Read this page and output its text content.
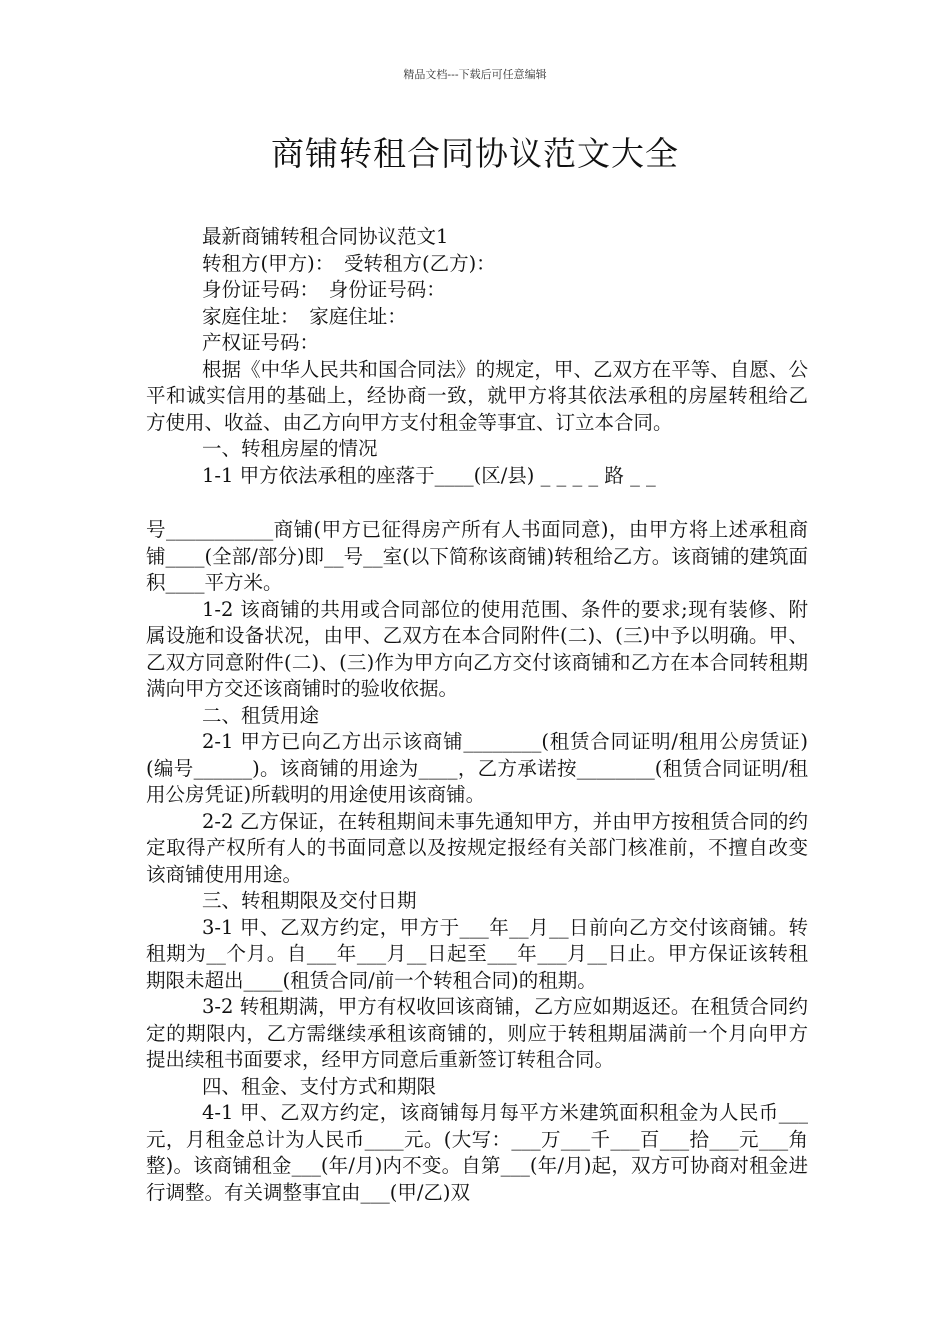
精品文档---下载后可任意编辑
商铺转租合同协议范文大全

最新商铺转租合同协议范文1

转租方(甲方)：　受转租方(乙方)：

身份证号码：　身份证号码：

家庭住址：　家庭住址：

产权证号码：

根据《中华人民共和国合同法》的规定，甲、乙双方在平等、自愿、公平和诚实信用的基础上，经协商一致，就甲方将其依法承租的房屋转租给乙方使用、收益、由乙方向甲方支付租金等事宜、订立本合同。

一、转租房屋的情况

1-1 甲方依法承租的座落于____(区/县) _ _ _ _ 路 _ _

号___________商铺(甲方已征得房产所有人书面同意)，由甲方将上述承租商铺____(全部/部分)即__号__室(以下简称该商铺)转租给乙方。该商铺的建筑面积____平方米。

1-2 该商铺的共用或合同部位的使用范围、条件的要求;现有装修、附属设施和设备状况，由甲、乙双方在本合同附件(二)、(三)中予以明确。甲、乙双方同意附件(二)、(三)作为甲方向乙方交付该商铺和乙方在本合同转租期满向甲方交还该商铺时的验收依据。

二、租赁用途

2-1 甲方已向乙方出示该商铺________(租赁合同证明/租用公房赁证)(编号______)。该商铺的用途为____，乙方承诺按________(租赁合同证明/租用公房凭证)所载明的用途使用该商铺。

2-2 乙方保证，在转租期间未事先通知甲方，并由甲方按租赁合同的约定取得产权所有人的书面同意以及按规定报经有关部门核准前，不擅自改变该商铺使用用途。

三、转租期限及交付日期

3-1 甲、乙双方约定，甲方于___年__月__日前向乙方交付该商铺。转租期为__个月。自___年___月__日起至___年___月__日止。甲方保证该转租期限未超出____(租赁合同/前一个转租合同)的租期。

3-2 转租期满，甲方有权收回该商铺，乙方应如期返还。在租赁合同约定的期限内，乙方需继续承租该商铺的，则应于转租期届满前一个月向甲方提出续租书面要求，经甲方同意后重新签订转租合同。

四、租金、支付方式和期限

4-1 甲、乙双方约定，该商铺每月每平方米建筑面积租金为人民币___元，月租金总计为人民币____元。(大写：___万___千___百___拾___元___角整)。该商铺租金___(年/月)内不变。自第___(年/月)起，双方可协商对租金进行调整。有关调整事宜由___(甲/乙)双
